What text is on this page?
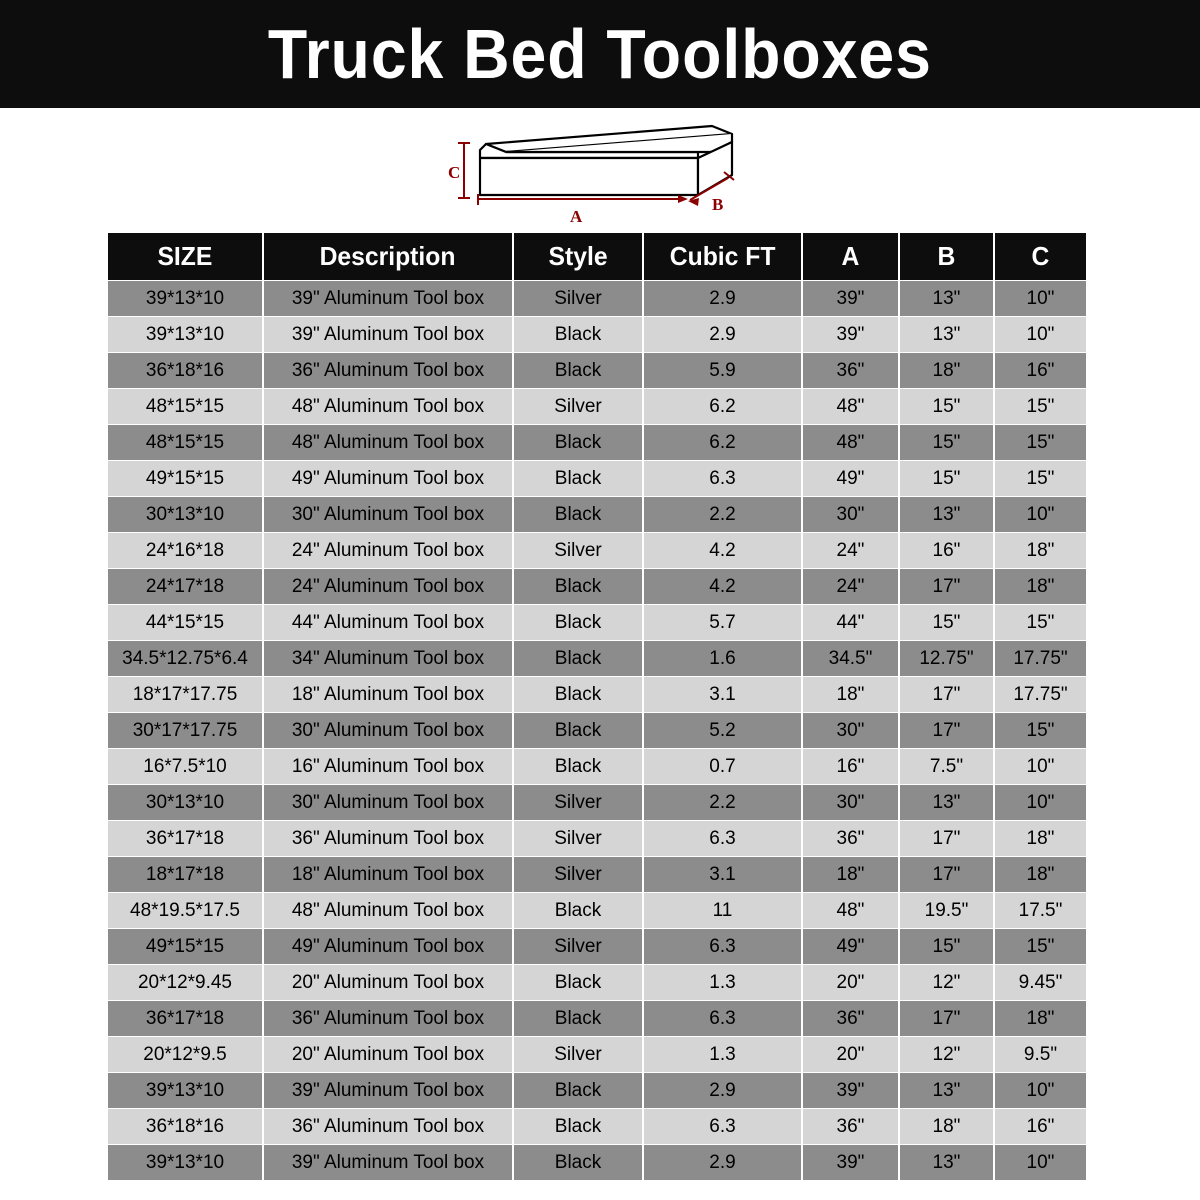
Truck Bed Toolboxes
C
A
B
SIZE	Description	Style	Cubic FT	A	B	C
39*13*10	39" Aluminum Tool box	Silver	2.9	39"	13"	10"
39*13*10	39" Aluminum Tool box	Black	2.9	39"	13"	10"
36*18*16	36" Aluminum Tool box	Black	5.9	36"	18"	16"
48*15*15	48" Aluminum Tool box	Silver	6.2	48"	15"	15"
48*15*15	48" Aluminum Tool box	Black	6.2	48"	15"	15"
49*15*15	49" Aluminum Tool box	Black	6.3	49"	15"	15"
30*13*10	30" Aluminum Tool box	Black	2.2	30"	13"	10"
24*16*18	24" Aluminum Tool box	Silver	4.2	24"	16"	18"
24*17*18	24" Aluminum Tool box	Black	4.2	24"	17"	18"
44*15*15	44" Aluminum Tool box	Black	5.7	44"	15"	15"
34.5*12.75*6.4	34" Aluminum Tool box	Black	1.6	34.5"	12.75"	17.75"
18*17*17.75	18" Aluminum Tool box	Black	3.1	18"	17"	17.75"
30*17*17.75	30" Aluminum Tool box	Black	5.2	30"	17"	15"
16*7.5*10	16" Aluminum Tool box	Black	0.7	16"	7.5"	10"
30*13*10	30" Aluminum Tool box	Silver	2.2	30"	13"	10"
36*17*18	36" Aluminum Tool box	Silver	6.3	36"	17"	18"
18*17*18	18" Aluminum Tool box	Silver	3.1	18"	17"	18"
48*19.5*17.5	48" Aluminum Tool box	Black	11	48"	19.5"	17.5"
49*15*15	49" Aluminum Tool box	Silver	6.3	49"	15"	15"
20*12*9.45	20" Aluminum Tool box	Black	1.3	20"	12"	9.45"
36*17*18	36" Aluminum Tool box	Black	6.3	36"	17"	18"
20*12*9.5	20" Aluminum Tool box	Silver	1.3	20"	12"	9.5"
39*13*10	39" Aluminum Tool box	Black	2.9	39"	13"	10"
36*18*16	36" Aluminum Tool box	Black	6.3	36"	18"	16"
39*13*10	39" Aluminum Tool box	Black	2.9	39"	13"	10"
